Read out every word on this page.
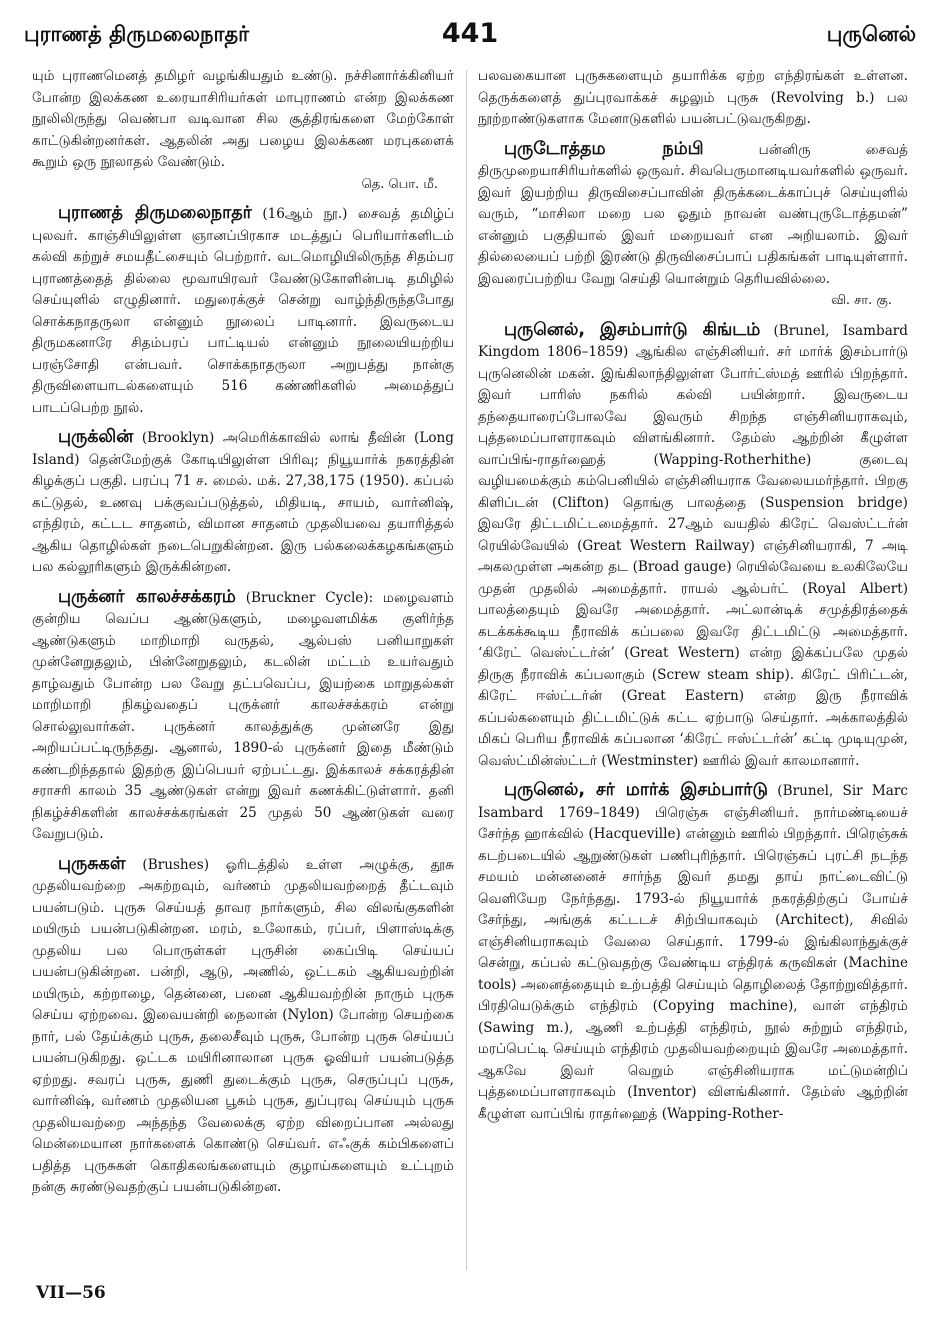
புராணத் திருமலைநாதர்	441	புருனெல்

யும் புராணமெனத் தமிழர் வழங்கியதும் உண்டு. நச்சினார்க்கினியர் போன்ற இலக்கண உரையாசிரியர்கள் மாபுராணம் என்ற இலக்கண நூலிலிருந்து வெண்பா வடிவான சில சூத்திரங்களை மேற்கோள் காட்டுகின்றனர்கள். ஆதலின் அது பழைய இலக்கண மரபுகளைக் கூறும் ஒரு நூலாதல் வேண்டும்.
தெ. பொ. மீ.

புராணத் திருமலைநாதர் (16ஆம் நூ.) சைவத் தமிழ்ப் புலவர். காஞ்சியிலுள்ள ஞானப்பிரகாச மடத்துப் பெரியார்களிடம் கல்வி கற்றுச் சமயதீட்சையும் பெற்றார். வடமொழியிலிருந்த சிதம்பர புராணத்தைத் தில்லை மூவாயிரவர் வேண்டுகோளின்படி தமிழில் செய்யுளில் எழுதினார். மதுரைக்குச் சென்று வாழ்ந்திருந்தபோது சொக்கநாதருலா என்னும் நூலைப் பாடினார். இவருடைய திருமகனாரே சிதம்பரப் பாட்டியல் என்னும் நூலையியற்றிய பரஞ்சோதி என்பவர். சொக்கநாதருலா அறுபத்து நான்கு திருவிளையாடல்களையும் 516 கண்ணிகளில் அமைத்துப் பாடப்பெற்ற நூல்.

புருக்லின் (Brooklyn) அமெரிக்காவில் லாங் தீவின் (Long Island) தென்மேற்குக் கோடியிலுள்ள பிரிவு; நியூயார்க் நகரத்தின் கிழக்குப் பகுதி. பரப்பு 71 ச. மைல். மக். 27,38,175 (1950). கப்பல் கட்டுதல், உணவு பக்குவப்படுத்தல், மிதியடி, சாயம், வார்னிஷ், எந்திரம், கட்டட சாதனம், விமான சாதனம் முதலியவை தயாரித்தல் ஆகிய தொழில்கள் நடைபெறுகின்றன. இரு பல்கலைக்கழகங்களும் பல கல்லூரிகளும் இருக்கின்றன.

புருக்னர் காலச்சக்கரம் (Bruckner Cycle): மழைவளம் குன்றிய வெப்ப ஆண்டுகளும், மழைவளமிக்க குளிர்ந்த ஆண்டுகளும் மாறிமாறி வருதல், ஆல்பஸ் பனியாறுகள் முன்னேறுதலும், பின்னேறுதலும், கடலின் மட்டம் உயர்வதும் தாழ்வதும் போன்ற பல வேறு தட்பவெப்ப, இயற்கை மாறுதல்கள் மாறிமாறி நிகழ்வதைப் புருக்னர் காலச்சக்கரம் என்று சொல்லுவார்கள். புருக்னர் காலத்துக்கு முன்னரே இது அறியப்பட்டிருந்தது. ஆனால், 1890-ல் புருக்னர் இதை மீண்டும் கண்டறிந்ததால் இதற்கு இப்பெயர் ஏற்பட்டது. இக்காலச் சக்கரத்தின் சராசரி காலம் 35 ஆண்டுகள் என்று இவர் கணக்கிட்டுள்ளார். தனி நிகழ்ச்சிகளின் காலச்சக்கரங்கள் 25 முதல் 50 ஆண்டுகள் வரை வேறுபடும்.

புருசுகள் (Brushes) ஓரிடத்தில் உள்ள அழுக்கு, தூசு முதலியவற்றை அகற்றவும், வர்ணம் முதலியவற்றைத் தீட்டவும் பயன்படும். புருசு செய்யத் தாவர நார்களும், சில விலங்குகளின் மயிரும் பயன்படுகின்றன. மரம், உலோகம், ரப்பர், பிளாஸ்டிக்கு முதலிய பல பொருள்கள் புருசின் கைப்பிடி செய்யப் பயன்படுகின்றன. பன்றி, ஆடு, அணில், ஒட்டகம் ஆகியவற்றின் மயிரும், கற்றாழை, தென்னை, பனை ஆகியவற்றின் நாரும் புருசு செய்ய ஏற்றவை. இவையன்றி நைலான் (Nylon) போன்ற செயற்கை நார், பல் தேய்க்கும் புருசு, தலைசீவும் புருசு, போன்ற புருசு செய்யப் பயன்படுகிறது. ஒட்டக மயிரினாலான புருசு ஓவியர் பயன்படுத்த ஏற்றது. சவரப் புருசு, துணி துடைக்கும் புருசு, செருப்புப் புருசு, வார்னிஷ், வர்ணம் முதலியன பூசும் புருசு, துப்புரவு செய்யும் புருசு முதலியவற்றை அந்தந்த வேலைக்கு ஏற்ற விறைப்பான அல்லது மென்மையான நார்களைக் கொண்டு செய்வர். எஃகுக் கம்பிகளைப் பதித்த புருசுகள் கொதிகலங்களையும் குழாய்களையும் உட்புறம் நன்கு சுரண்டுவதற்குப் பயன்படுகின்றன.

பலவகையான புருசுகளையும் தயாரிக்க ஏற்ற எந்திரங்கள் உள்ளன. தெருக்களைத் துப்புரவாக்கச் சுழலும் புருசு (Revolving b.) பல நூற்றாண்டுகளாக மேனாடுகளில் பயன்பட்டுவருகிறது.

புருடோத்தம நம்பி	பன்னிரு சைவத் திருமுறையாசிரியர்களில் ஒருவர். சிவபெருமானடியவர்களில் ஒருவர். இவர் இயற்றிய திருவிசைப்பாவின் திருக்கடைக்காப்புச் செய்யுளில் வரும், “மாசிலா மறை பல ஓதும் நாவன் வண்புருடோத்தமன்” என்னும் பகுதியால் இவர் மறையவர் என அறியலாம். இவர் தில்லையைப் பற்றி இரண்டு திருவிசைப்பாப் பதிகங்கள் பாடியுள்ளார். இவரைப்பற்றிய வேறு செய்தி யொன்றும் தெரியவில்லை.
வி. சா. கு.

புருனெல், இசம்பார்டு கிங்டம் (Brunel, Isambard Kingdom 1806–1859) ஆங்கில எஞ்சினியர். சர் மார்க் இசம்பார்டு புருனெலின் மகன். இங்கிலாந்திலுள்ள போர்ட்ஸ்மத் ஊரில் பிறந்தார். இவர் பாரிஸ் நகரில் கல்வி பயின்றார். இவருடைய தந்தையாரைப்போலவே இவரும் சிறந்த எஞ்சினியராகவும், புத்தமைப்பாளராகவும் விளங்கினார். தேம்ஸ் ஆற்றின் கீழுள்ள வாப்பிங்-ராதர்ஹைத் (Wapping-Rotherhithe) குடைவு வழியமைக்கும் கம்பெனியில் எஞ்சினியராக வேலையமர்ந்தார். பிறகு கிளிப்டன் (Clifton) தொங்கு பாலத்தை (Suspension bridge) இவரே திட்டமிட்டமைத்தார். 27ஆம் வயதில் கிரேட் வெஸ்ட்டர்ன் ரெயில்வேயில் (Great Western Railway) எஞ்சினியராகி, 7 அடி அகலமுள்ள அகன்ற தட (Broad gauge) ரெயில்வேயை உலகிலேயே முதன் முதலில் அமைத்தார். ராயல் ஆல்பர்ட் (Royal Albert) பாலத்தையும் இவரே அமைத்தார். அட்லான்டிக் சமுத்திரத்தைக் கடக்கக்கூடிய நீராவிக் கப்பலை இவரே திட்டமிட்டு அமைத்தார். ‘கிரேட் வெஸ்ட்டர்ன்’ (Great Western) என்ற இக்கப்பலே முதல் திருகு நீராவிக் கப்பலாகும் (Screw steam ship). கிரேட் பிரிட்டன், கிரேட் ஈஸ்ட்டர்ன் (Great Eastern) என்ற இரு நீராவிக் கப்பல்களையும் திட்டமிட்டுக் கட்ட ஏற்பாடு செய்தார். அக்காலத்தில் மிகப் பெரிய நீராவிக் கப்பலான ‘கிரேட் ஈஸ்ட்டர்ன்’ கட்டி முடியுமுன், வெஸ்ட்மின்ஸ்ட்டர் (Westminster) ஊரில் இவர் காலமானார்.

புருனெல், சர் மார்க் இசம்பார்டு (Brunel, Sir Marc Isambard 1769–1849) பிரெஞ்சு எஞ்சினியர். நார்மண்டியைச் சேர்ந்த ஹாக்வில் (Hacqueville) என்னும் ஊரில் பிறந்தார். பிரெஞ்சுக் கடற்படையில் ஆறுண்டுகள் பணிபுரிந்தார். பிரெஞ்சுப் புரட்சி நடந்த சமயம் மன்னனைச் சார்ந்த இவர் தமது தாய் நாட்டைவிட்டு வெளியேற நேர்ந்தது. 1793-ல் நியூயார்க் நகரத்திற்குப் போய்ச் சேர்ந்து, அங்குக் கட்டடச் சிற்பியாகவும் (Architect), சிவில் எஞ்சினியராகவும் வேலை செய்தார். 1799-ல் இங்கிலாந்துக்குச் சென்று, கப்பல் கட்டுவதற்கு வேண்டிய எந்திரக் கருவிகள் (Machine tools) அனைத்தையும் உற்பத்தி செய்யும் தொழிலைத் தோற்றுவித்தார். பிரதியெடுக்கும் எந்திரம் (Copying machine), வாள் எந்திரம் (Sawing m.), ஆணி உற்பத்தி எந்திரம், நூல் சுற்றும் எந்திரம், மரப்பெட்டி செய்யும் எந்திரம் முதலியவற்றையும் இவரே அமைத்தார். ஆகவே இவர் வெறும் எஞ்சினியராக மட்டுமன்றிப் புத்தமைப்பாளராகவும் (Inventor) விளங்கினார். தேம்ஸ் ஆற்றின் கீழுள்ள வாப்பிங் ராதர்ஹைத் (Wapping-Rother-

VII—56
